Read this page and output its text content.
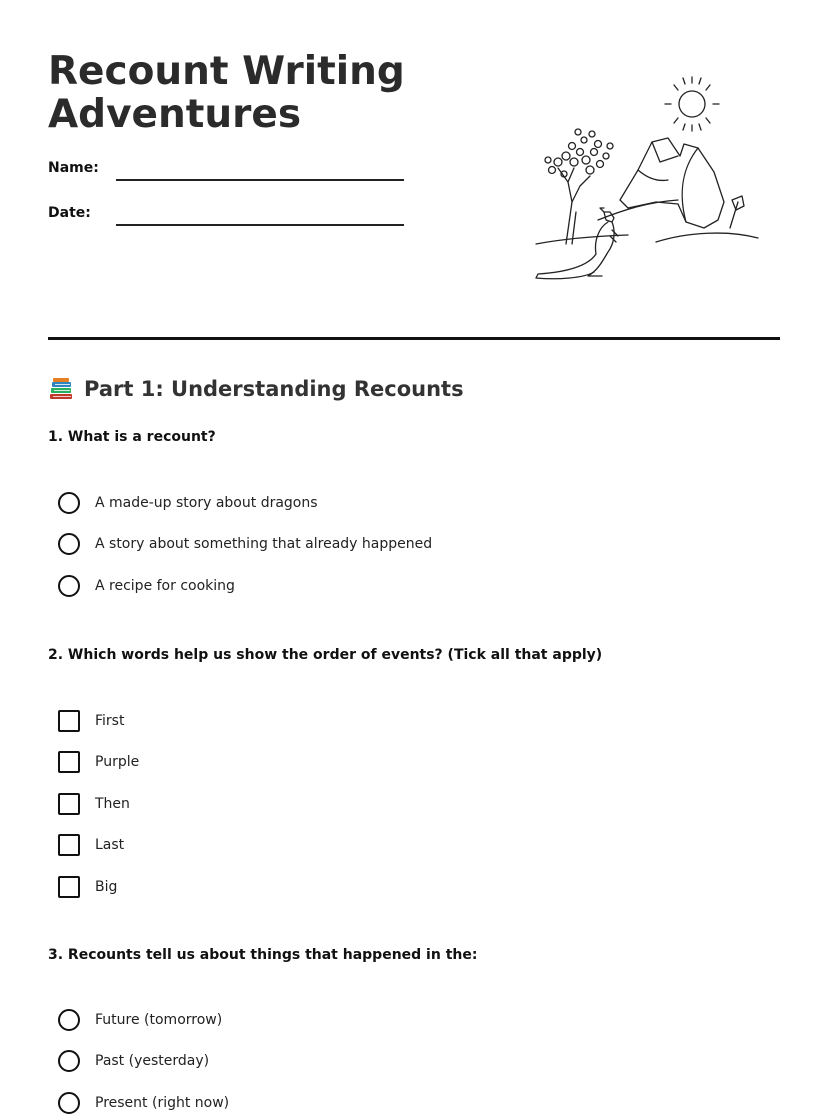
Recount Writing
Adventures
Name:
Date:
Part 1: Understanding Recounts
1. What is a recount?
A made-up story about dragons
A story about something that already happened
A recipe for cooking
2. Which words help us show the order of events? (Tick all that apply)
First
Purple
Then
Last
Big
3. Recounts tell us about things that happened in the:
Future (tomorrow)
Past (yesterday)
Present (right now)
